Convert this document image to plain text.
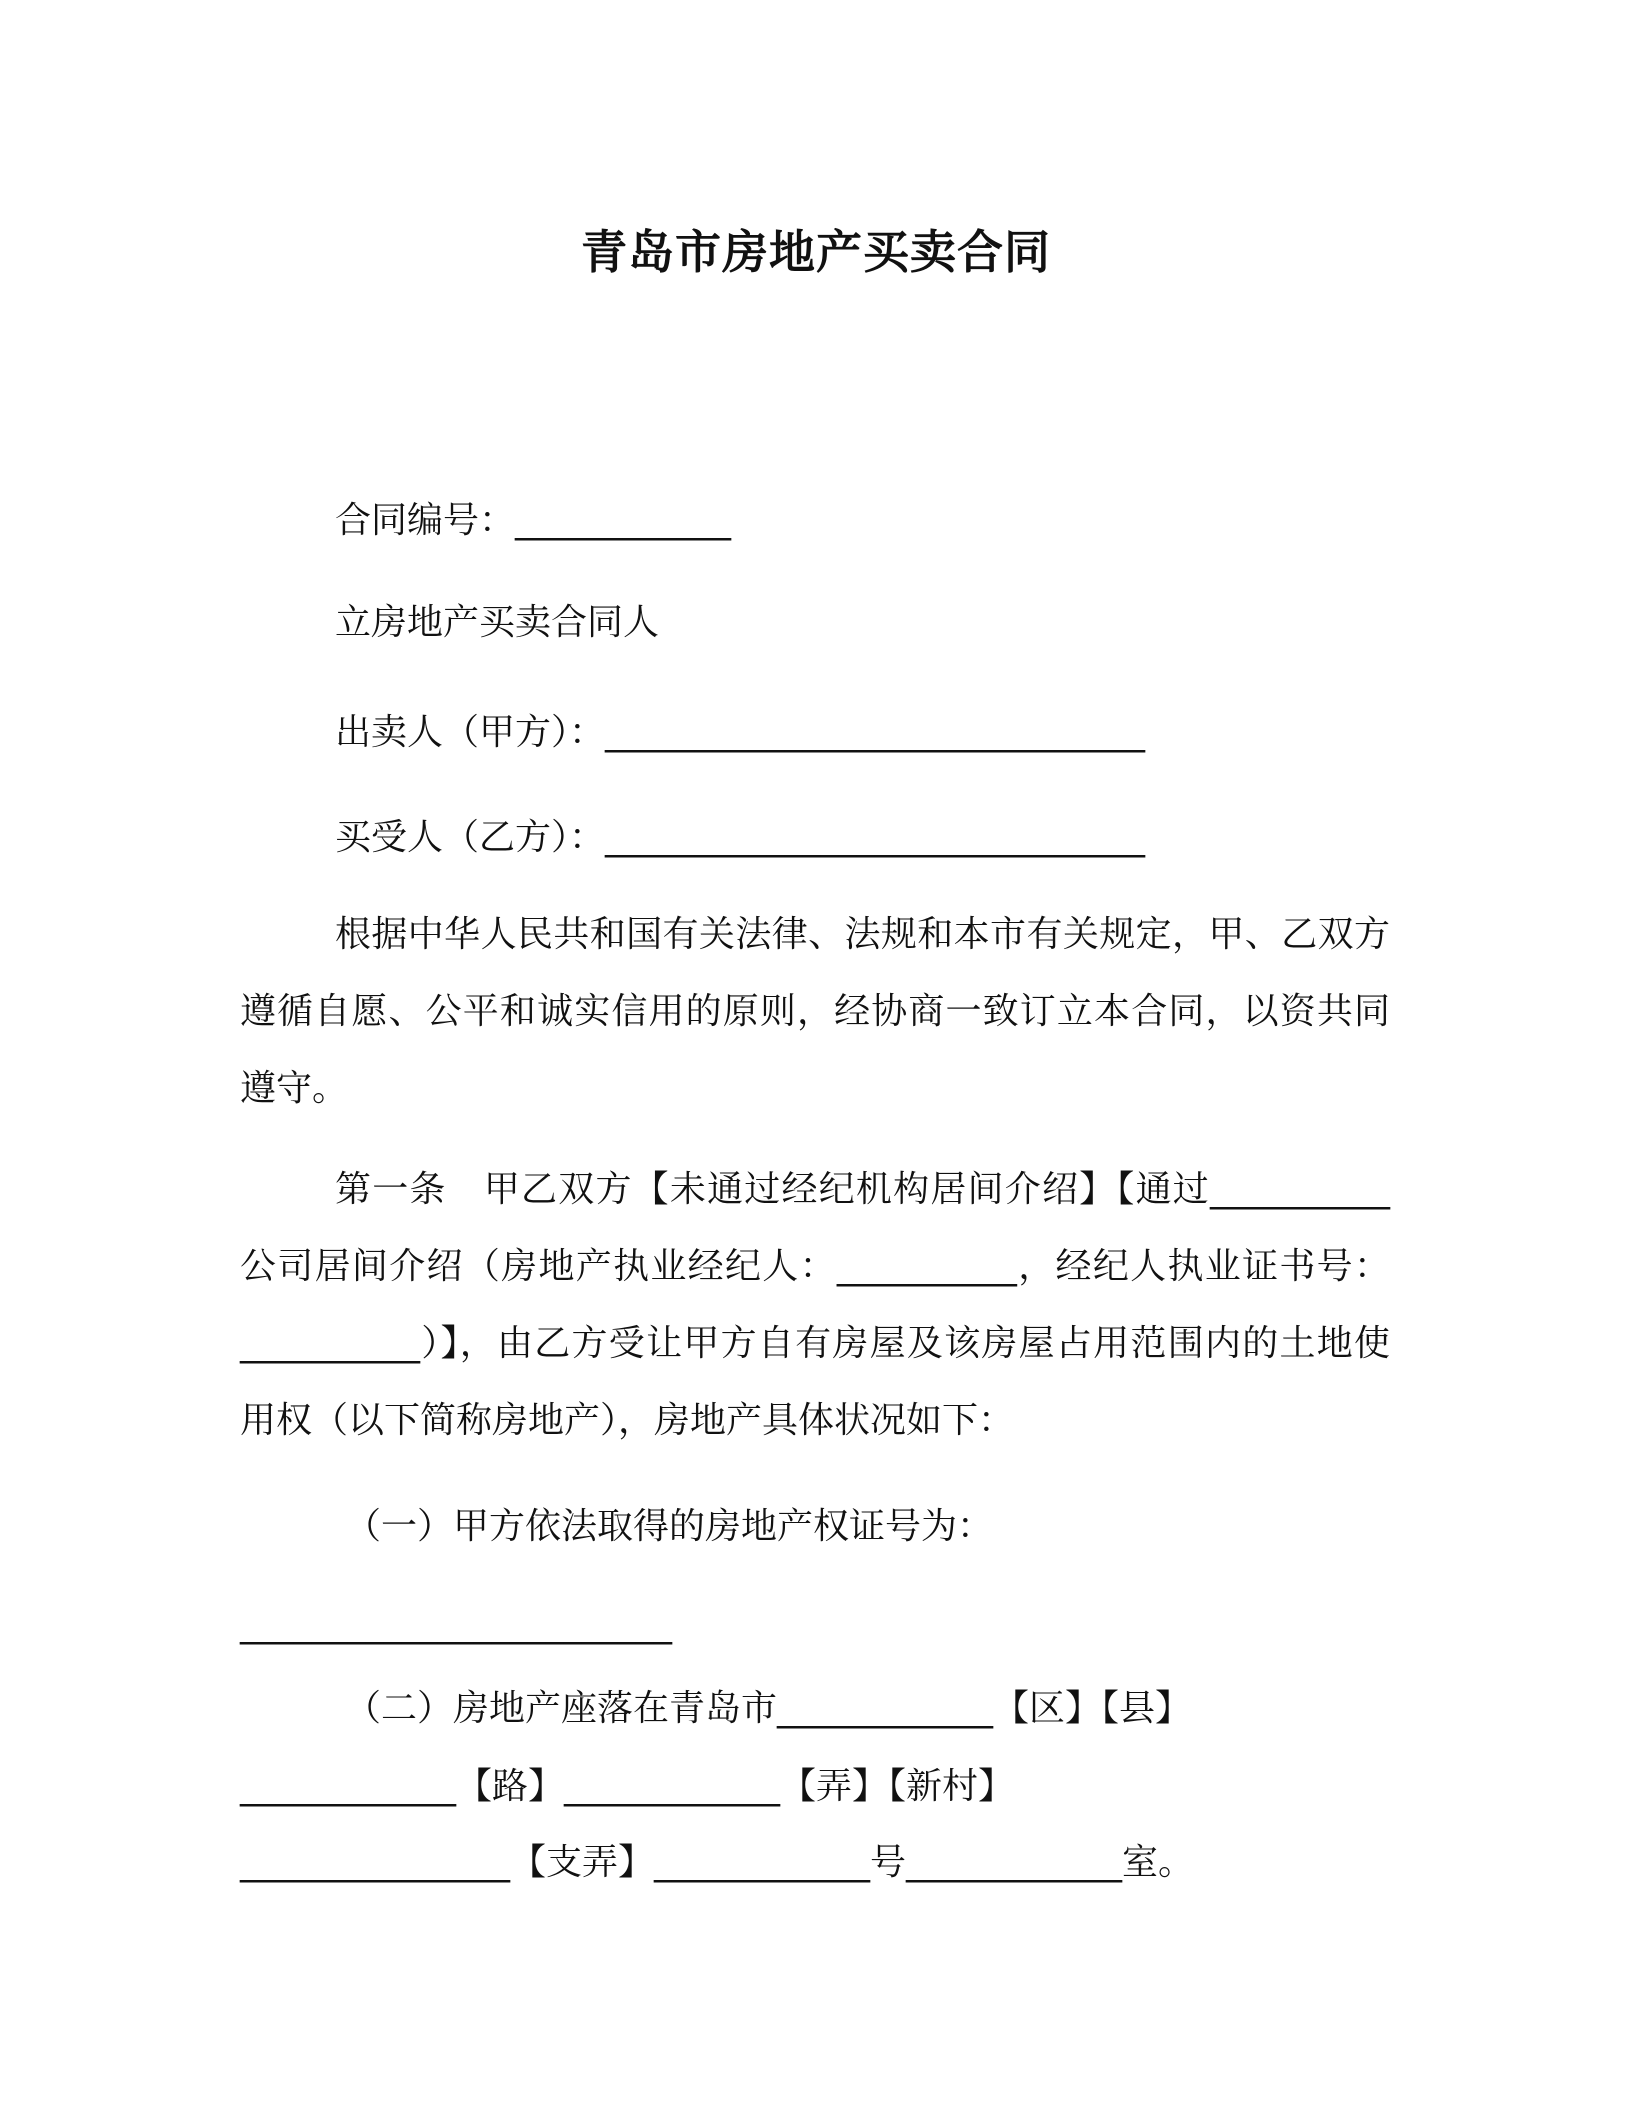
青岛市房地产买卖合同
合同编号：____________
立房地产买卖合同人
出卖人（甲方）：______________________________
买受人（乙方）：______________________________
根据中华人民共和国有关法律、法规和本市有关规定，甲、乙双方遵循自愿、公平和诚实信用的原则，经协商一致订立本合同，以资共同遵守。
第一条　甲乙双方【未通过经纪机构居间介绍】【通过__________公司居间介绍（房地产执业经纪人：__________，经纪人执业证书号：__________）】，由乙方受让甲方自有房屋及该房屋占用范围内的土地使用权（以下简称房地产），房地产具体状况如下：
（一）甲方依法取得的房地产权证号为：
________________________
（二）房地产座落在青岛市____________【区】【县】
____________【路】____________【弄】【新村】
_______________【支弄】____________号____________室。
